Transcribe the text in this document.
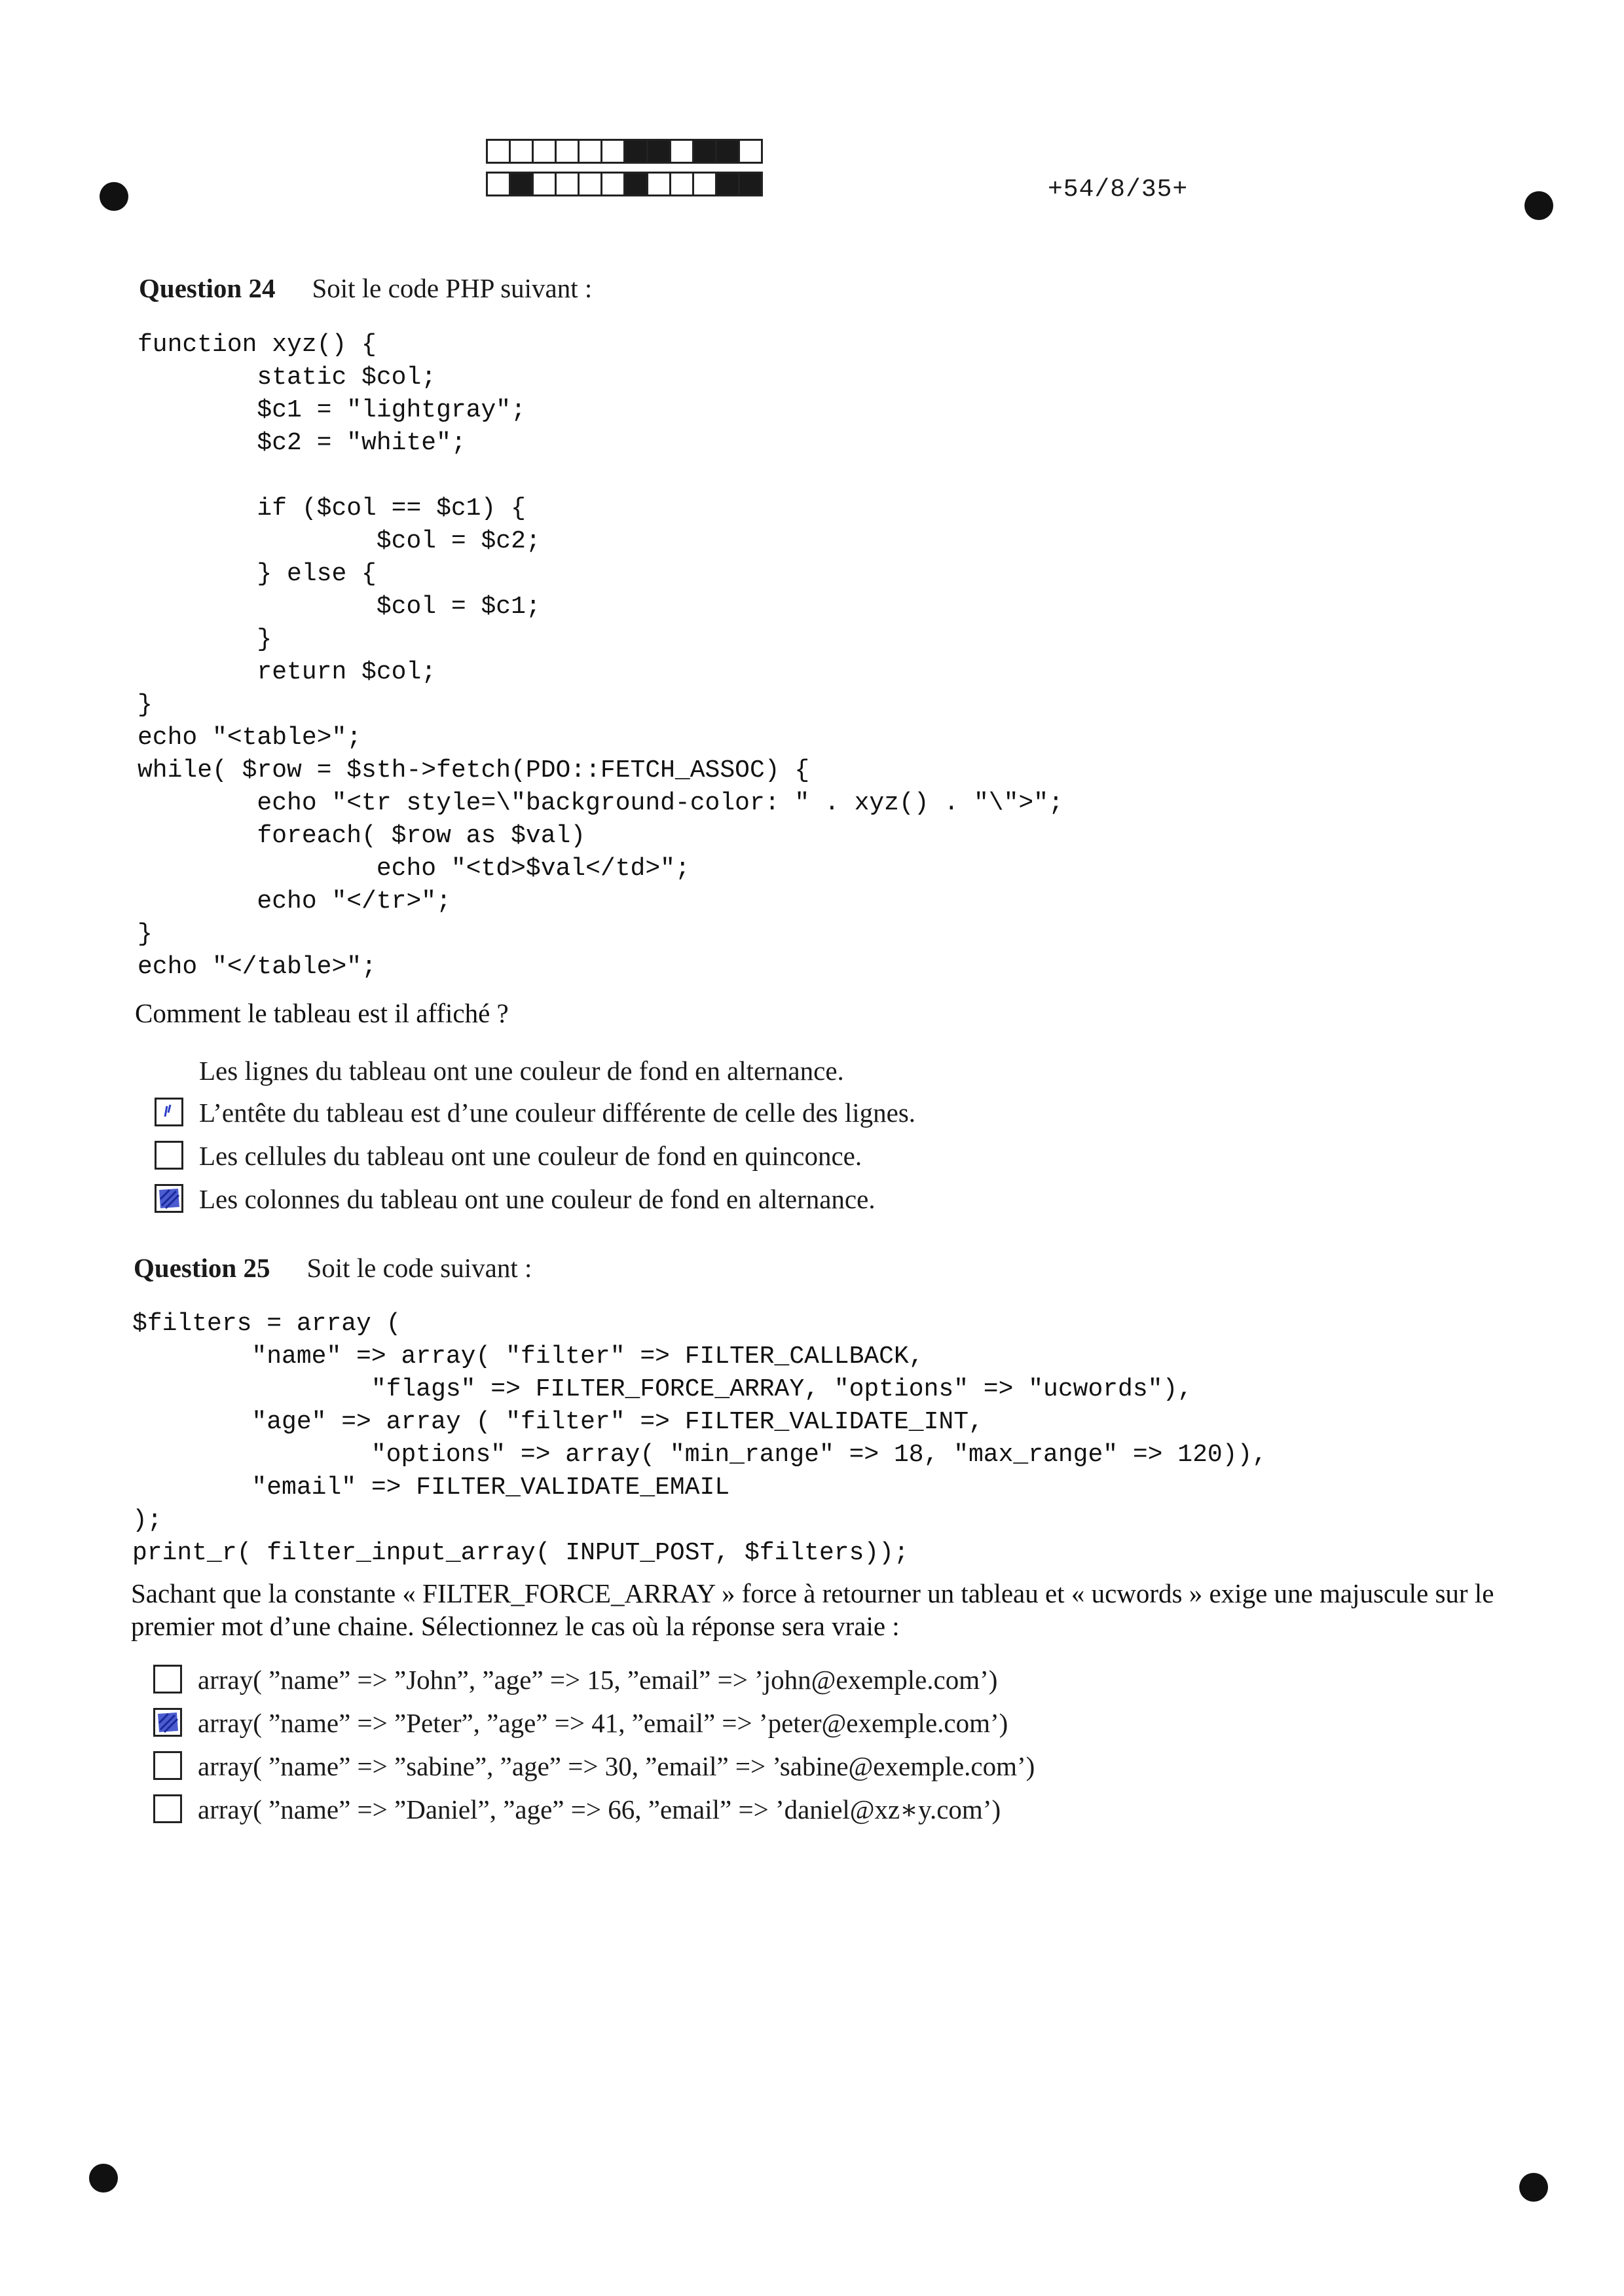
+54/8/35+
Question 24 Soit le code PHP suivant :
function xyz() {
static $col;
$c1 = "lightgray";
$c2 = "white";

if ($col == $c1) {
$col = $c2;
} else {
$col = $c1;
}
return $col;
}
echo "<table>";
while( $row = $sth->fetch(PDO::FETCH_ASSOC) {
echo "<tr style=\"background-color: " . xyz() . "\">";
foreach( $row as $val)
echo "<td>$val</td>";
echo "</tr>";
}
echo "</table>";
Comment le tableau est il affiché ?
Les lignes du tableau ont une couleur de fond en alternance.
L’entête du tableau est d’une couleur différente de celle des lignes.
Les cellules du tableau ont une couleur de fond en quinconce.
Les colonnes du tableau ont une couleur de fond en alternance.
Question 25 Soit le code suivant :
$filters = array (
"name" => array( "filter" => FILTER_CALLBACK,
"flags" => FILTER_FORCE_ARRAY, "options" => "ucwords"),
"age" => array ( "filter" => FILTER_VALIDATE_INT,
"options" => array( "min_range" => 18, "max_range" => 120)),
"email" => FILTER_VALIDATE_EMAIL
);
print_r( filter_input_array( INPUT_POST, $filters));
Sachant que la constante « FILTER_FORCE_ARRAY » force à retourner un tableau et « ucwords » exige une majuscule sur le premier mot d’une chaine. Sélectionnez le cas où la réponse sera vraie :
array( ”name” => ”John”, ”age” => 15, ”email” => ’john@exemple.com’)
array( ”name” => ”Peter”, ”age” => 41, ”email” => ’peter@exemple.com’)
array( ”name” => ”sabine”, ”age” => 30, ”email” => ’sabine@exemple.com’)
array( ”name” => ”Daniel”, ”age” => 66, ”email” => ’daniel@xz∗y.com’)
